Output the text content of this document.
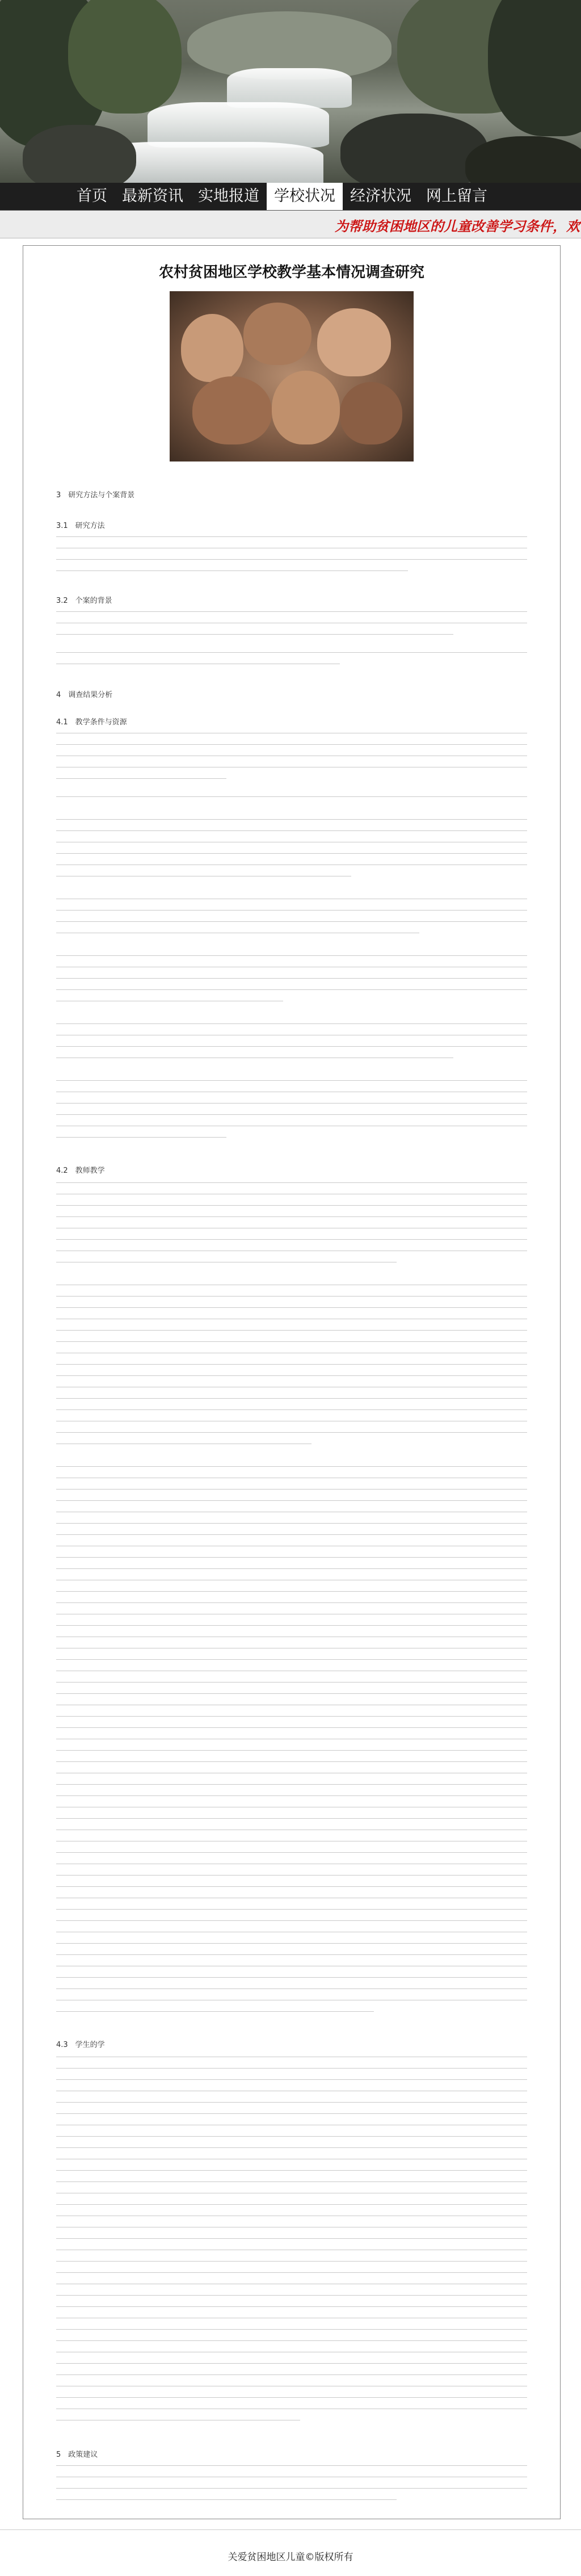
首页 最新资讯 实地报道 学校状况 经济状况 网上留言
为帮助贫困地区的儿童改善学习条件，欢
农村贫困地区学校教学基本情况调查研究
3　研究方法与个案背景
3.1　研究方法
3.2　个案的背景
4　调查结果分析
4.1　教学条件与资源
4.2　教师教学
4.3　学生的学
5　政策建议
关爱贫困地区儿童©版权所有
